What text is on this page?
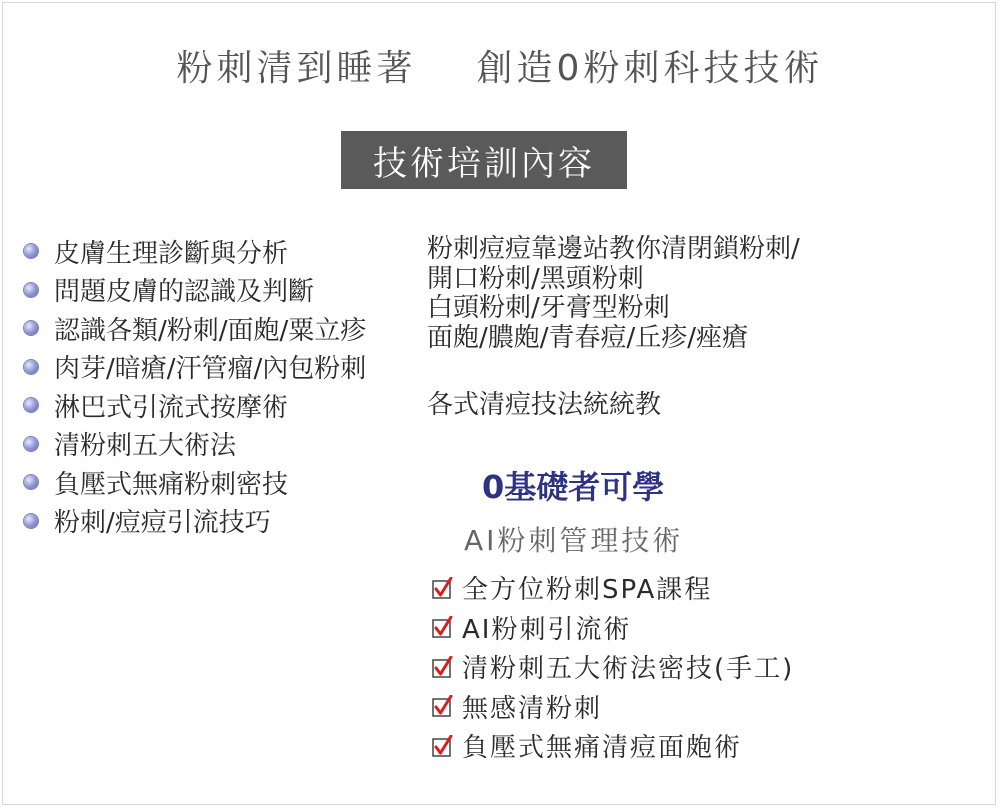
粉刺清到睡著 創造0粉刺科技技術
技術培訓內容
皮膚生理診斷與分析
問題皮膚的認識及判斷
認識各類/粉刺/面皰/粟立疹
肉芽/暗瘡/汗管瘤/內包粉刺
淋巴式引流式按摩術
清粉刺五大術法
負壓式無痛粉刺密技
粉刺/痘痘引流技巧

粉刺痘痘靠邊站教你清閉鎖粉刺/

開口粉刺/黑頭粉刺

白頭粉刺/牙膏型粉刺

面皰/膿皰/青春痘/丘疹/痤瘡

各式清痘技法統統教
0基礎者可學
AI粉刺管理技術
全方位粉刺SPA課程
AI粉刺引流術
清粉刺五大術法密技(手工)
無感清粉刺
負壓式無痛清痘面皰術
